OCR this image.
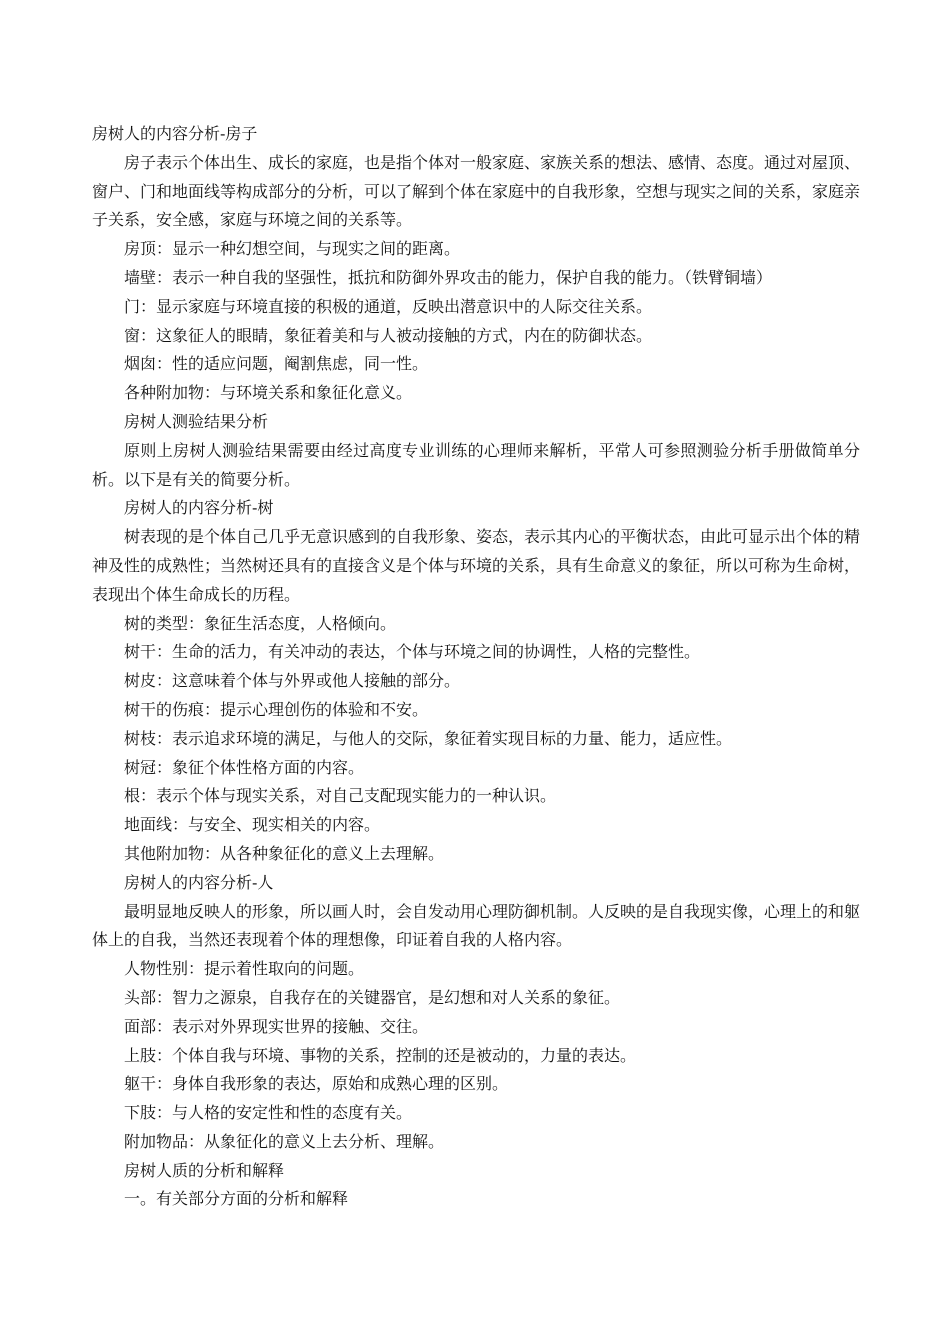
房树人的内容分析-房子
房子表示个体出生、成长的家庭，也是指个体对一般家庭、家族关系的想法、感情、态度。通过对屋顶、窗户、门和地面线等构成部分的分析，可以了解到个体在家庭中的自我形象，空想与现实之间的关系，家庭亲子关系，安全感，家庭与环境之间的关系等。
房顶：显示一种幻想空间，与现实之间的距离。
墙壁：表示一种自我的坚强性，抵抗和防御外界攻击的能力，保护自我的能力。（铁臂铜墙）
门：显示家庭与环境直接的积极的通道，反映出潜意识中的人际交往关系。
窗：这象征人的眼睛，象征着美和与人被动接触的方式，内在的防御状态。
烟囱：性的适应问题，阉割焦虑，同一性。
各种附加物：与环境关系和象征化意义。
房树人测验结果分析
原则上房树人测验结果需要由经过高度专业训练的心理师来解析，平常人可参照测验分析手册做简单分析。以下是有关的简要分析。
房树人的内容分析-树
树表现的是个体自己几乎无意识感到的自我形象、姿态，表示其内心的平衡状态，由此可显示出个体的精神及性的成熟性；当然树还具有的直接含义是个体与环境的关系，具有生命意义的象征，所以可称为生命树，表现出个体生命成长的历程。
树的类型：象征生活态度，人格倾向。
树干：生命的活力，有关冲动的表达，个体与环境之间的协调性，人格的完整性。
树皮：这意味着个体与外界或他人接触的部分。
树干的伤痕：提示心理创伤的体验和不安。
树枝：表示追求环境的满足，与他人的交际，象征着实现目标的力量、能力，适应性。
树冠：象征个体性格方面的内容。
根：表示个体与现实关系，对自己支配现实能力的一种认识。
地面线：与安全、现实相关的内容。
其他附加物：从各种象征化的意义上去理解。
房树人的内容分析-人
最明显地反映人的形象，所以画人时，会自发动用心理防御机制。人反映的是自我现实像，心理上的和躯体上的自我，当然还表现着个体的理想像，印证着自我的人格内容。
人物性别：提示着性取向的问题。
头部：智力之源泉，自我存在的关键器官，是幻想和对人关系的象征。
面部：表示对外界现实世界的接触、交往。
上肢：个体自我与环境、事物的关系，控制的还是被动的，力量的表达。
躯干：身体自我形象的表达，原始和成熟心理的区别。
下肢：与人格的安定性和性的态度有关。
附加物品：从象征化的意义上去分析、理解。
房树人质的分析和解释
一。有关部分方面的分析和解释
